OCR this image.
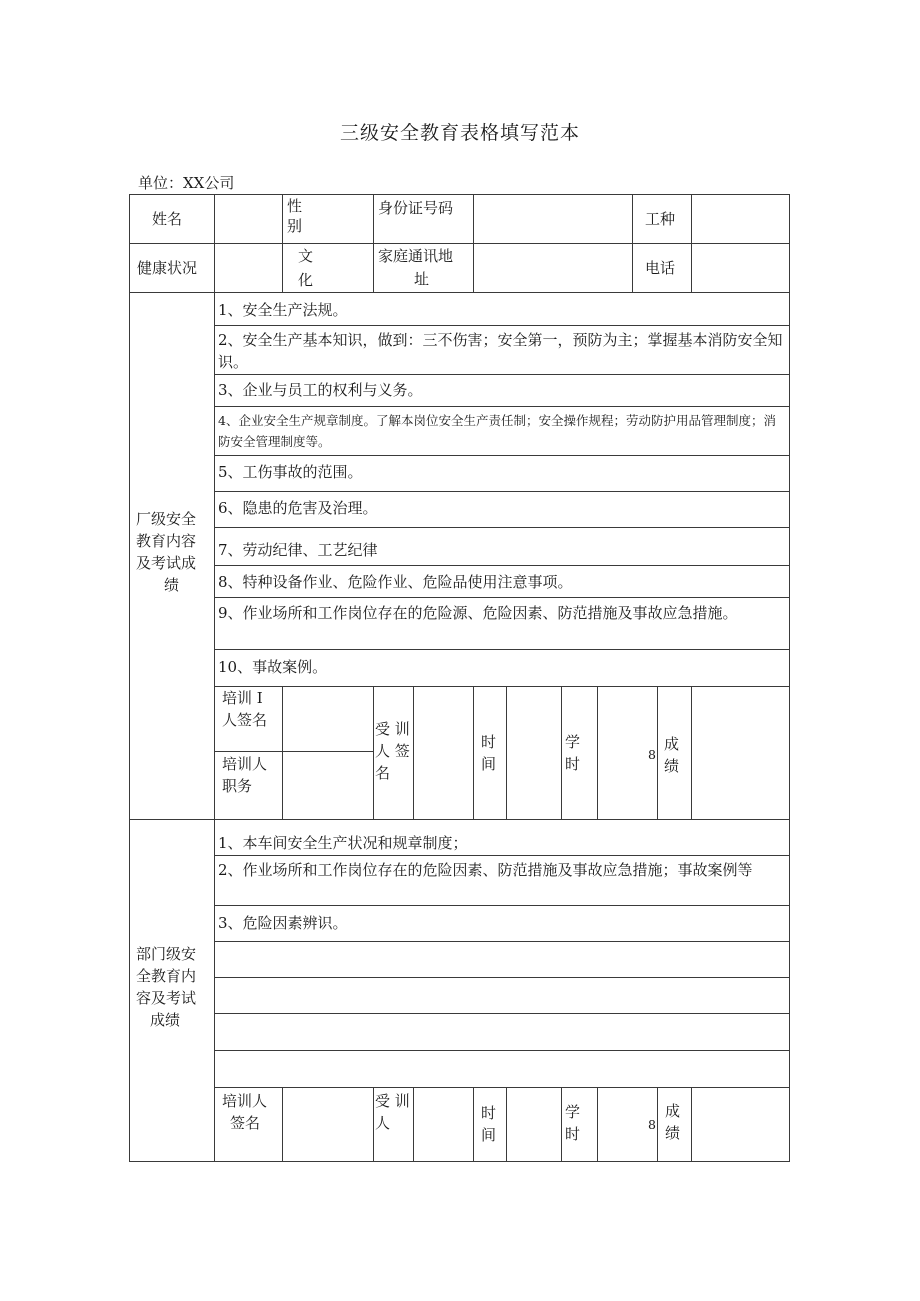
三级安全教育表格填写范本
单位：XX公司
姓名
性
别
身份证号码
工种
健康状况
文
化
家庭通讯地
址
电话
厂级安全
教育内容
及考试成
绩
1、安全生产法规。
2、安全生产基本知识，做到：三不伤害；安全第一，预防为主；掌握基本消防安全知识。
3、企业与员工的权利与义务。
4、企业安全生产规章制度。了解本岗位安全生产责任制；安全操作规程；劳动防护用品管理制度；消防安全管理制度等。
5、工伤事故的范围。
6、隐患的危害及治理。
7、劳动纪律、工艺纪律
8、特种设备作业、危险作业、危险品使用注意事项。
9、作业场所和工作岗位存在的危险源、危险因素、防范措施及事故应急措施。
10、事故案例。
培训 I
人签名
培训人
职务
受 训
人 签
名
时
间
学
时
8
成
绩
部门级安
全教育内
容及考试
成绩
1、本车间安全生产状况和规章制度；
2、作业场所和工作岗位存在的危险因素、防范措施及事故应急措施；事故案例等
3、危险因素辨识。
培训人
签名
受 训
人
时
间
学
时
8
成
绩
